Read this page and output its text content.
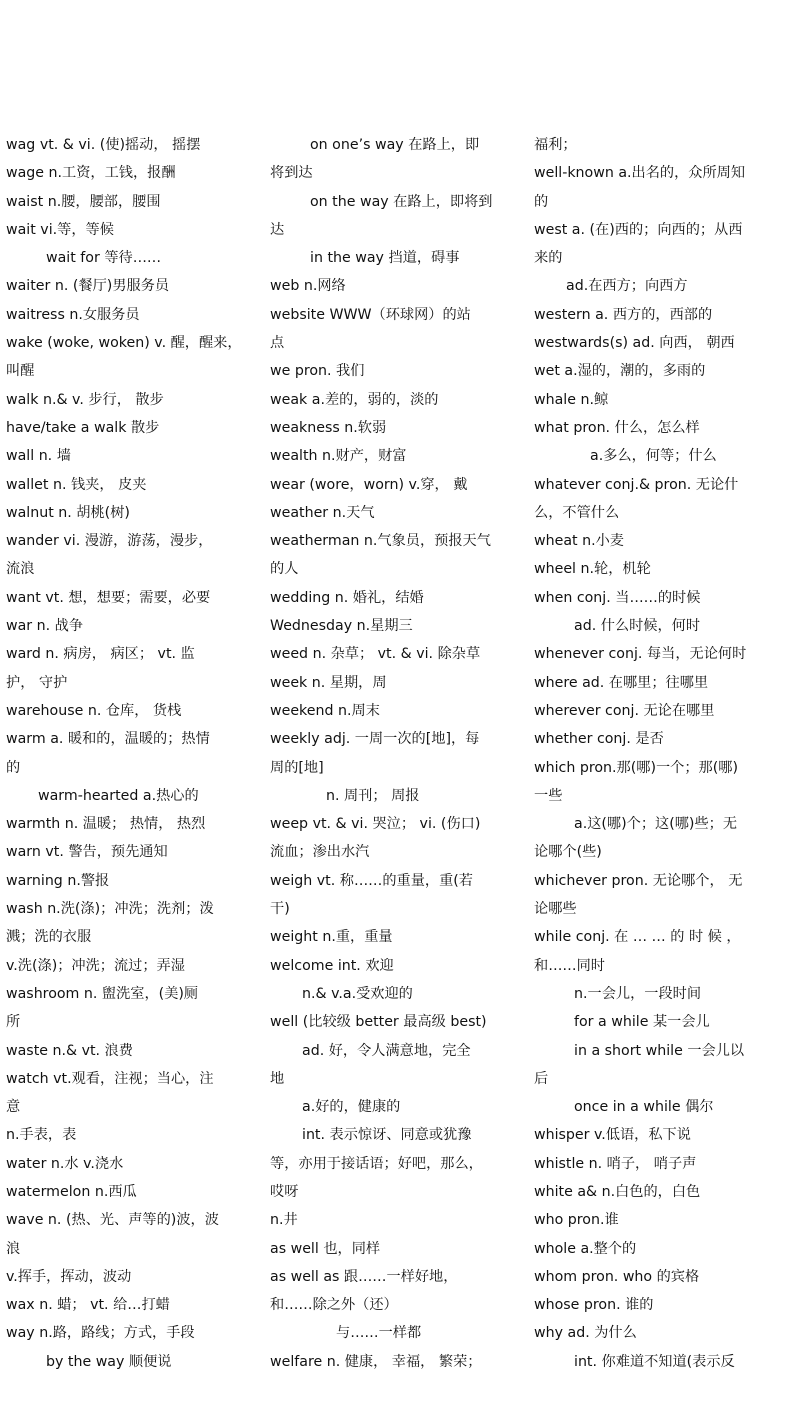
wag vt. & vi. (使)摇动， 摇摆
wage n.工资，工钱，报酬
waist n.腰，腰部，腰围
wait vi.等，等候
wait for 等待……
waiter n. (餐厅)男服务员
waitress n.女服务员
wake (woke, woken) v. 醒，醒来，
叫醒
walk n.& v. 步行， 散步
have/take a walk 散步
wall n. 墙
wallet n. 钱夹， 皮夹
walnut n. 胡桃(树)
wander vi. 漫游，游荡，漫步，
流浪
want vt. 想，想要；需要，必要
war n. 战争
ward n. 病房， 病区； vt. 监
护， 守护
warehouse n. 仓库， 货栈
warm a. 暖和的，温暖的；热情
的
warm-hearted a.热心的
warmth n. 温暖； 热情， 热烈
warn vt. 警告，预先通知
warning n.警报
wash n.洗(涤)；冲洗；洗剂；泼
溅；洗的衣服
v.洗(涤)；冲洗；流过；弄湿
washroom n. 盥洗室，(美)厕
所
waste n.& vt. 浪费
watch vt.观看，注视；当心，注
意
n.手表，表
water n.水 v.浇水
watermelon n.西瓜
wave n. (热、光、声等的)波，波
浪
v.挥手，挥动，波动
wax n. 蜡； vt. 给…打蜡
way n.路，路线；方式，手段
by the way 顺便说
on one’s way 在路上，即
将到达
on the way 在路上，即将到
达
in the way 挡道，碍事
web n.网络
website WWW（环球网）的站
点
we pron. 我们
weak a.差的，弱的，淡的
weakness n.软弱
wealth n.财产，财富
wear (wore，worn) v.穿， 戴
weather n.天气
weatherman n.气象员，预报天气
的人
wedding n. 婚礼，结婚
Wednesday n.星期三
weed n. 杂草； vt. & vi. 除杂草
week n. 星期，周
weekend n.周末
weekly adj. 一周一次的[地]，每
周的[地]
n. 周刊； 周报
weep vt. & vi. 哭泣； vi. (伤口)
流血；渗出水汽
weigh vt. 称……的重量，重(若
干)
weight n.重，重量
welcome int. 欢迎
n.& v.a.受欢迎的
well (比较级 better 最高级 best)
ad. 好，令人满意地，完全
地
a.好的，健康的
int. 表示惊讶、同意或犹豫
等，亦用于接话语；好吧，那么，
哎呀
n.井
as well 也，同样
as well as 跟……一样好地，
和……除之外（还）
与……一样都
welfare n. 健康， 幸福， 繁荣；
福利；
well-known a.出名的，众所周知
的
west a. (在)西的；向西的；从西
来的
ad.在西方；向西方
western a. 西方的，西部的
westwards(s) ad. 向西， 朝西
wet a.湿的，潮的，多雨的
whale n.鲸
what pron. 什么，怎么样
a.多么，何等；什么
whatever conj.& pron. 无论什
么，不管什么
wheat n.小麦
wheel n.轮，机轮
when conj. 当……的时候
ad. 什么时候，何时
whenever conj. 每当，无论何时
where ad. 在哪里；往哪里
wherever conj. 无论在哪里
whether conj. 是否
which pron.那(哪)一个；那(哪)
一些
a.这(哪)个；这(哪)些；无
论哪个(些)
whichever pron. 无论哪个， 无
论哪些
while conj. 在 … … 的 时 候 ，
和……同时
n.一会儿，一段时间
for a while 某一会儿
in a short while 一会儿以
后
once in a while 偶尔
whisper v.低语，私下说
whistle n. 哨子， 哨子声
white a& n.白色的，白色
who pron.谁
whole a.整个的
whom pron. who 的宾格
whose pron. 谁的
why ad. 为什么
int. 你难道不知道(表示反
